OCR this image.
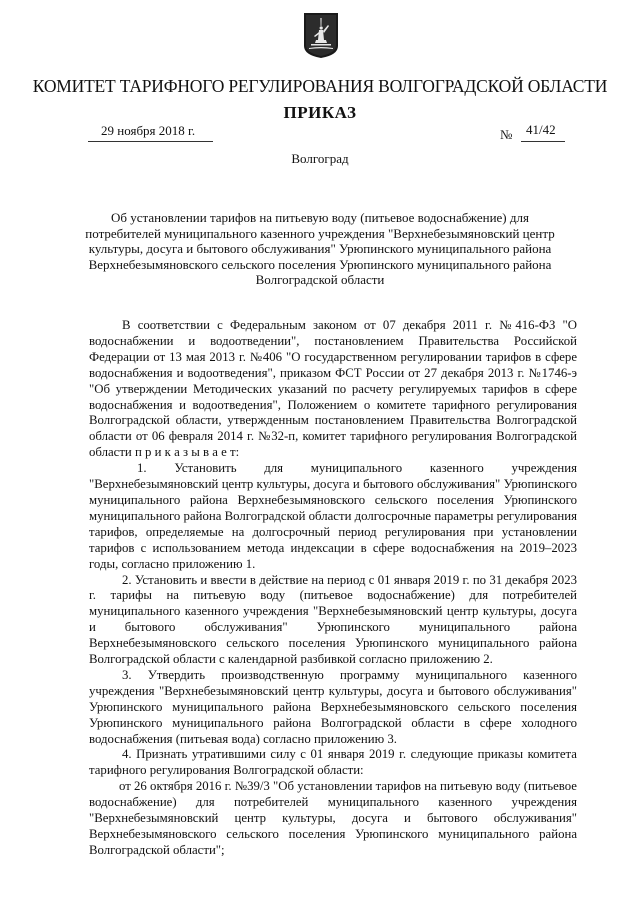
КОМИТЕТ ТАРИФНОГО РЕГУЛИРОВАНИЯ ВОЛГОГРАДСКОЙ ОБЛАСТИ
ПРИКАЗ
29 ноября 2018 г.	№ 41/42
Волгоград
Об установлении тарифов на питьевую воду (питьевое водоснабжение) для потребителей муниципального казенного учреждения "Верхнебезымяновский центр культуры, досуга и бытового обслуживания" Урюпинского муниципального района Верхнебезымяновского сельского поселения Урюпинского муниципального района Волгоградской области

В соответствии с Федеральным законом от 07 декабря 2011 г. №416-ФЗ "О водоснабжении и водоотведении", постановлением Правительства Российской Федерации от 13 мая 2013 г. №406 "О государственном регулировании тарифов в сфере водоснабжения и водоотведения", приказом ФСТ России от 27 декабря 2013 г. №1746-э "Об утверждении Методических указаний по расчету регулируемых тарифов в сфере водоснабжения и водоотведения", Положением о комитете тарифного регулирования Волгоградской области, утвержденным постановлением Правительства Волгоградской области от 06 февраля 2014 г. №32-п, комитет тарифного регулирования Волгоградской области п р и к а з ы в а е т:

1. Установить для муниципального казенного учреждения "Верхнебезымяновский центр культуры, досуга и бытового обслуживания" Урюпинского муниципального района Верхнебезымяновского сельского поселения Урюпинского муниципального района Волгоградской области долгосрочные параметры регулирования тарифов, определяемые на долгосрочный период регулирования при установлении тарифов с использованием метода индексации в сфере водоснабжения на 2019–2023 годы, согласно приложению 1.

2. Установить и ввести в действие на период с 01 января 2019 г. по 31 декабря 2023 г. тарифы на питьевую воду (питьевое водоснабжение) для потребителей муниципального казенного учреждения "Верхнебезымяновский центр культуры, досуга и бытового обслуживания" Урюпинского муниципального района Верхнебезымяновского сельского поселения Урюпинского муниципального района Волгоградской области с календарной разбивкой согласно приложению 2.

3. Утвердить производственную программу муниципального казенного учреждения "Верхнебезымяновский центр культуры, досуга и бытового обслуживания" Урюпинского муниципального района Верхнебезымяновского сельского поселения Урюпинского муниципального района Волгоградской области в сфере холодного водоснабжения (питьевая вода) согласно приложению 3.

4. Признать утратившими силу с 01 января 2019 г. следующие приказы комитета тарифного регулирования Волгоградской области:

от 26 октября 2016 г. №39/3 "Об установлении тарифов на питьевую воду (питьевое водоснабжение) для потребителей муниципального казенного учреждения "Верхнебезымяновский центр культуры, досуга и бытового обслуживания" Верхнебезымяновского сельского поселения Урюпинского муниципального района Волгоградской области";
